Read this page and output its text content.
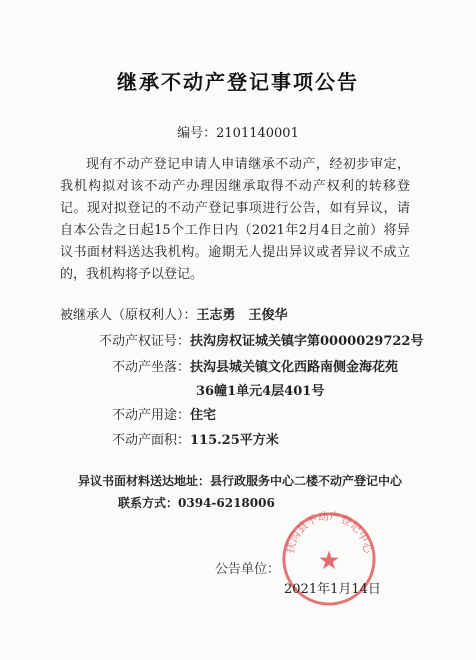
继承不动产登记事项公告
编号：2101140001
现有不动产登记申请人申请继承不动产，经初步审定，我机构拟对该不动产办理因继承取得不动产权利的转移登记。现对拟登记的不动产登记事项进行公告，如有异议，请自本公告之日起15个工作日内（2021年2月4日之前）将异议书面材料送达我机构。逾期无人提出异议或者异议不成立的，我机构将予以登记。
被继承人（原权利人）：王志勇　王俊华
不动产权证号：扶沟房权证城关镇字第0000029722号
不动产坐落：扶沟县城关镇文化西路南侧金海花苑
36幢1单元4层401号
不动产用途：住宅
不动产面积：115.25平方米
异议书面材料送达地址：县行政服务中心二楼不动产登记中心
联系方式：0394-6218006
扶沟县不动产登记中心
★
公告单位：
2021年1月14日
